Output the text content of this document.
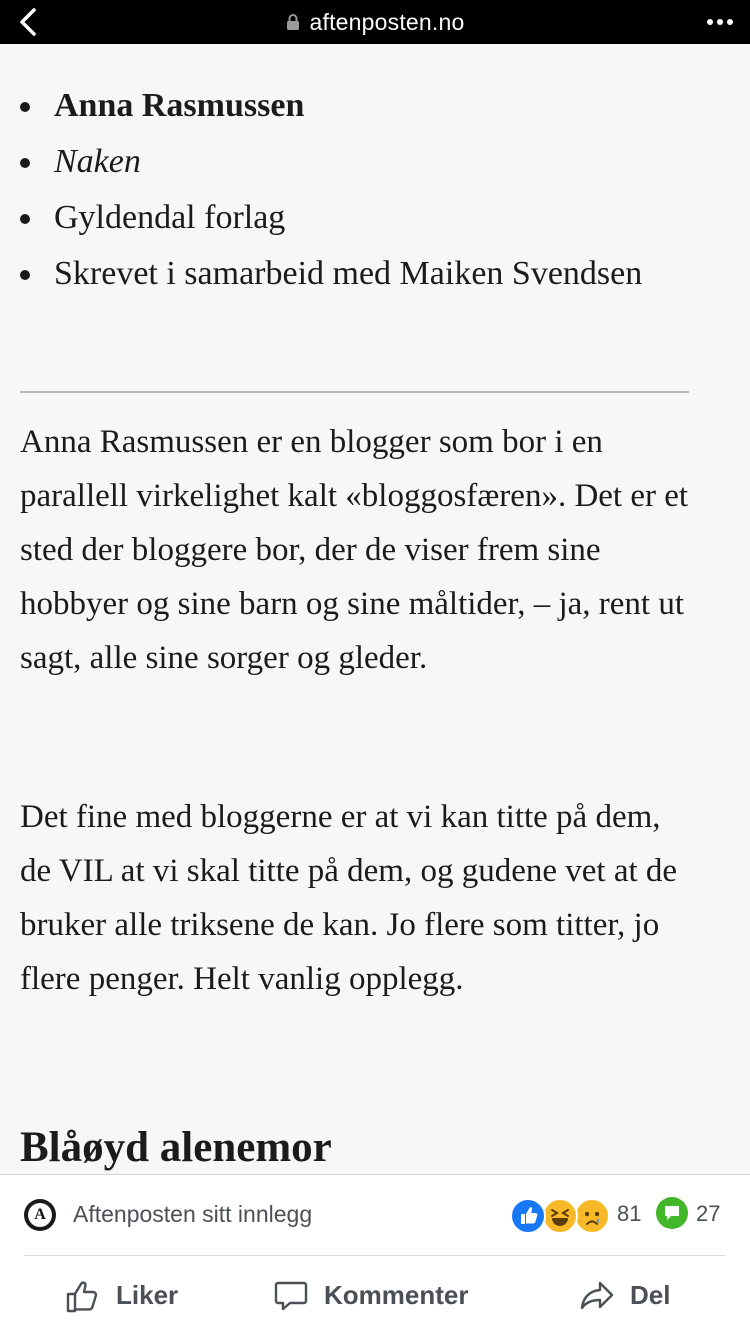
aftenposten.no
Anna Rasmussen
Naken
Gyldendal forlag
Skrevet i samarbeid med Maiken Svendsen

Anna Rasmussen er en blogger som bor i en parallell virkelighet kalt «bloggosfæren». Det er et sted der bloggere bor, der de viser frem sine hobbyer og sine barn og sine måltider, – ja, rent ut sagt, alle sine sorger og gleder.

Det fine med bloggerne er at vi kan titte på dem, de VIL at vi skal titte på dem, og gudene vet at de bruker alle triksene de kan. Jo flere som titter, jo flere penger. Helt vanlig opplegg.

Blåøyd alenemor
A Aftenposten sitt innlegg	81 27
Liker	Kommenter	Del
